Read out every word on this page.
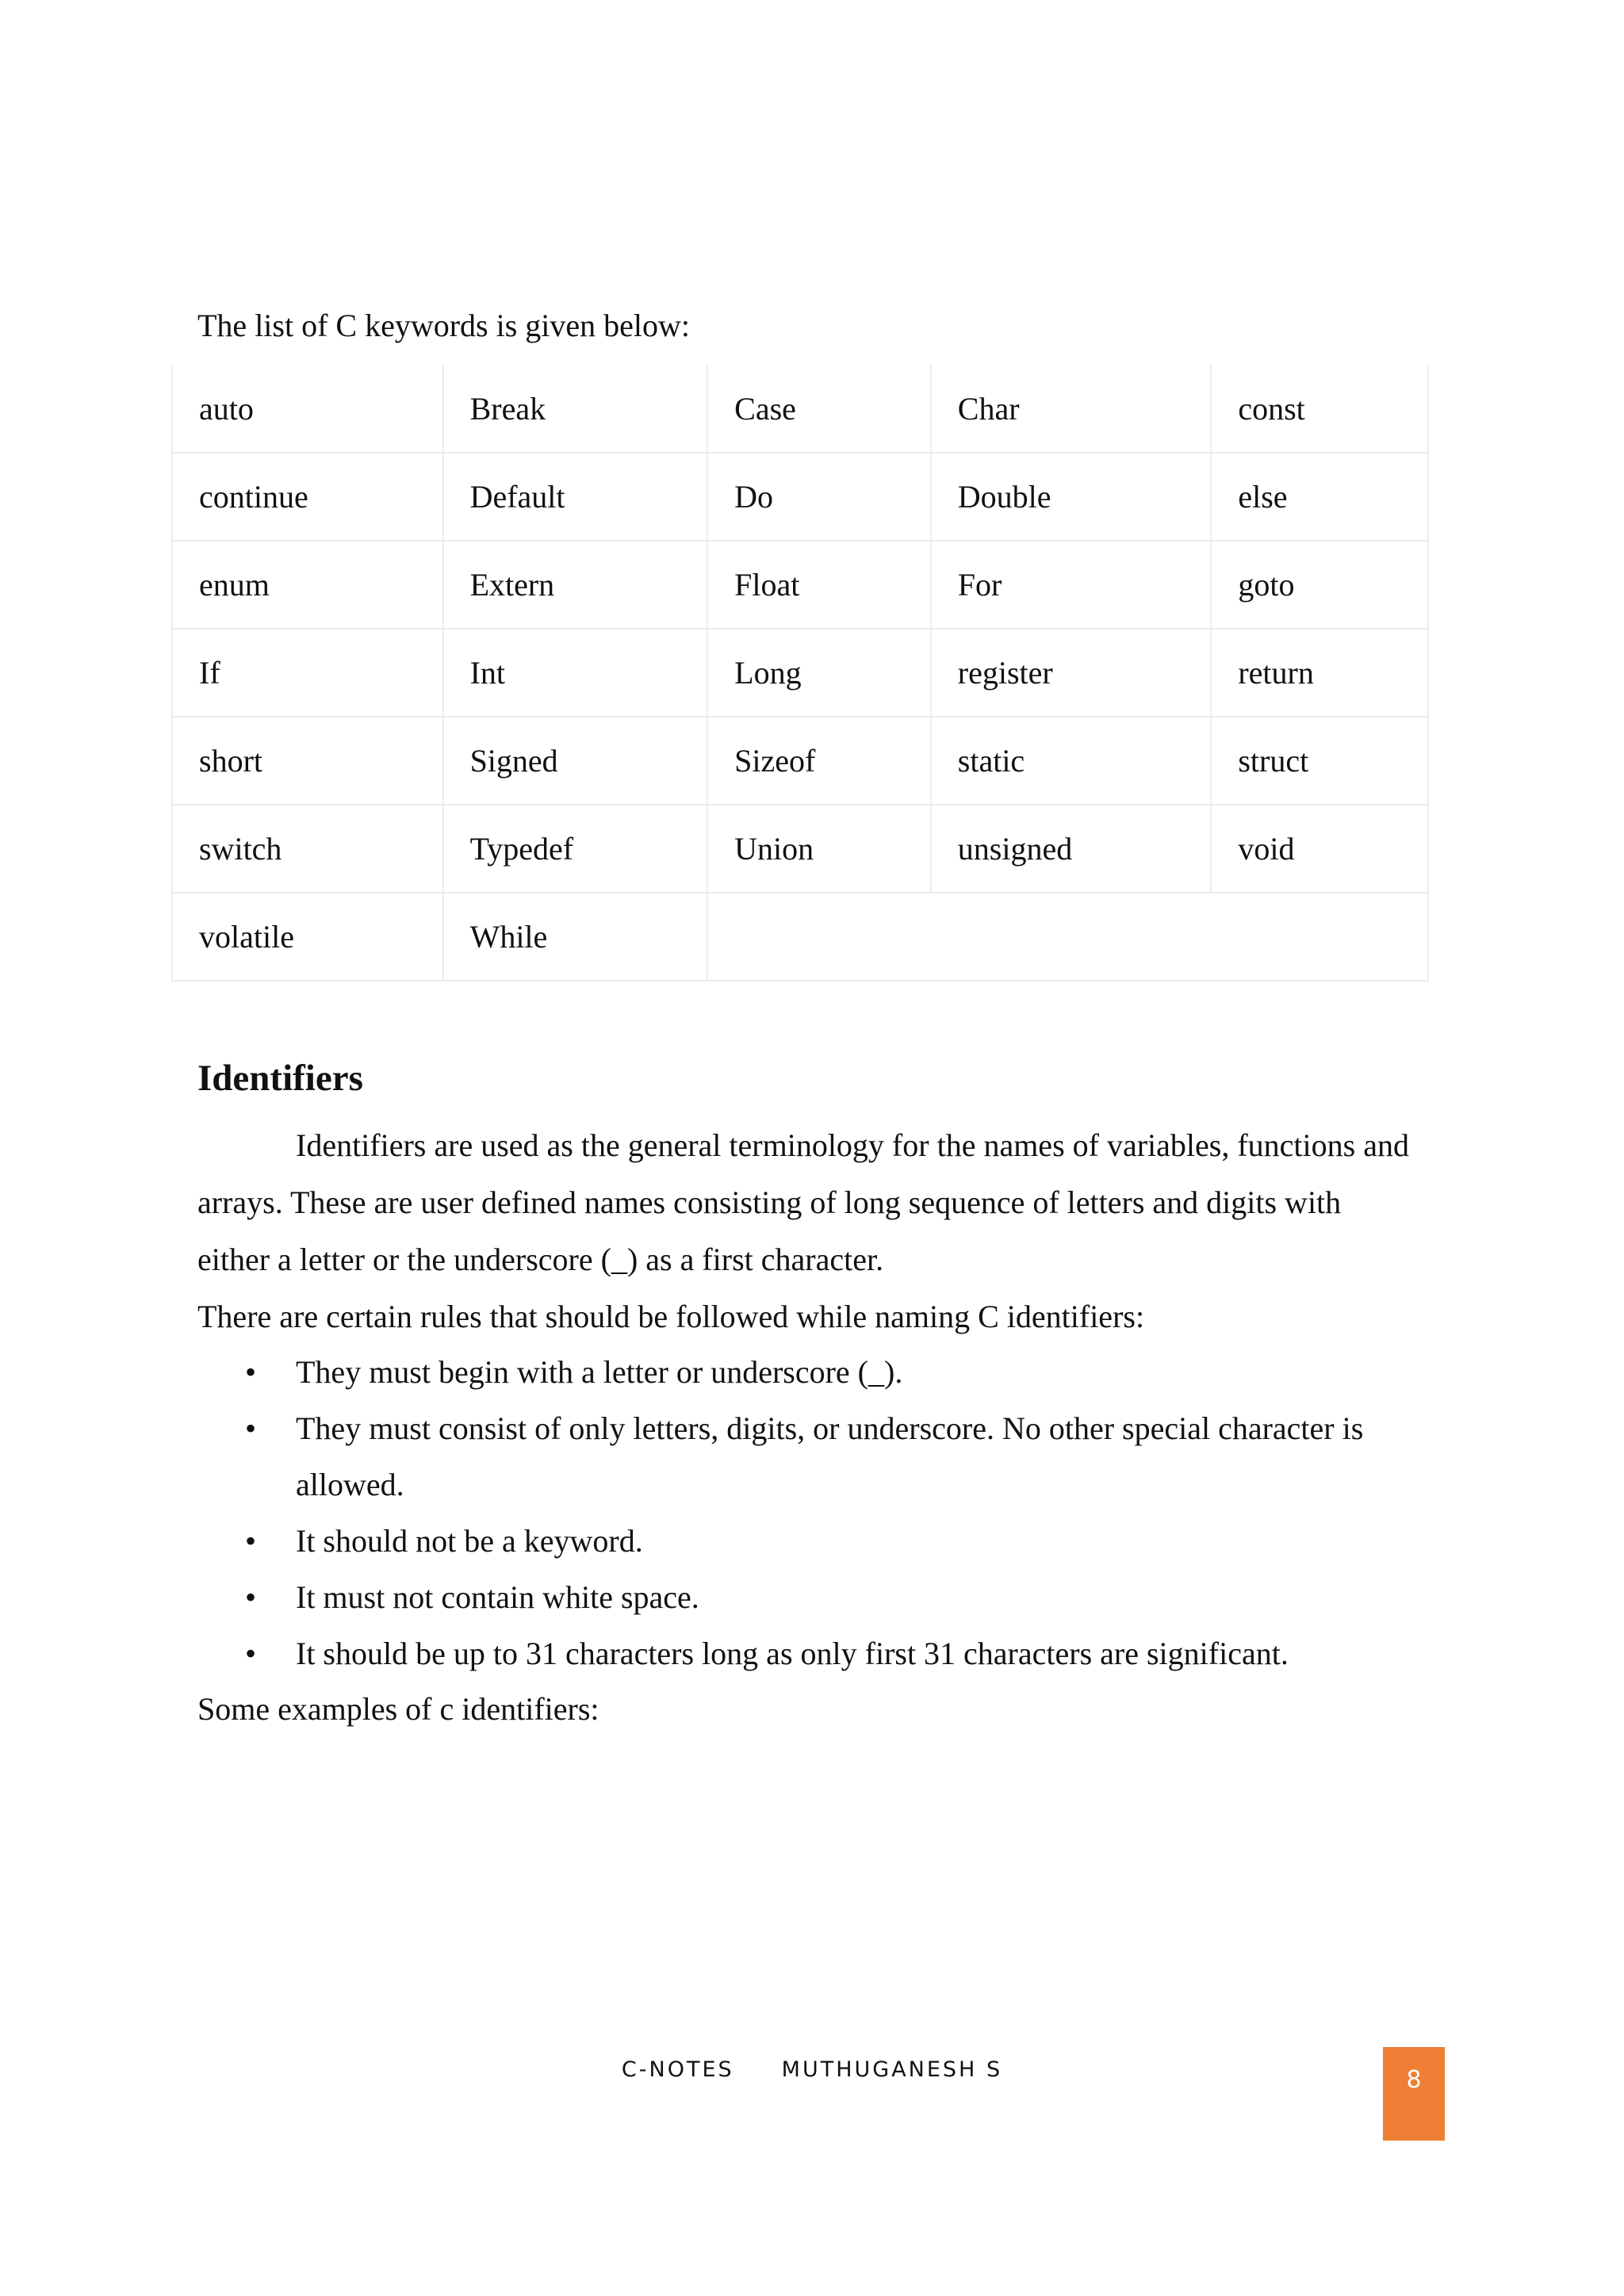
The list of C keywords is given below:

auto	Break	Case	Char	const
continue	Default	Do	Double	else
enum	Extern	Float	For	goto
If	Int	Long	register	return
short	Signed	Sizeof	static	struct
switch	Typedef	Union	unsigned	void
volatile	While			
Identifiers

Identifiers are used as the general terminology for the names of variables, functions and arrays. These are user defined names consisting of long sequence of letters and digits with either a letter or the underscore (_) as a first character.

There are certain rules that should be followed while naming C identifiers:

• They must begin with a letter or underscore (_).
• They must consist of only letters, digits, or underscore. No other special character is allowed.
• It should not be a keyword.
• It must not contain white space.
• It should be up to 31 characters long as only first 31 characters are significant.

Some examples of c identifiers:

C-NOTES MUTHUGANESH S	8
